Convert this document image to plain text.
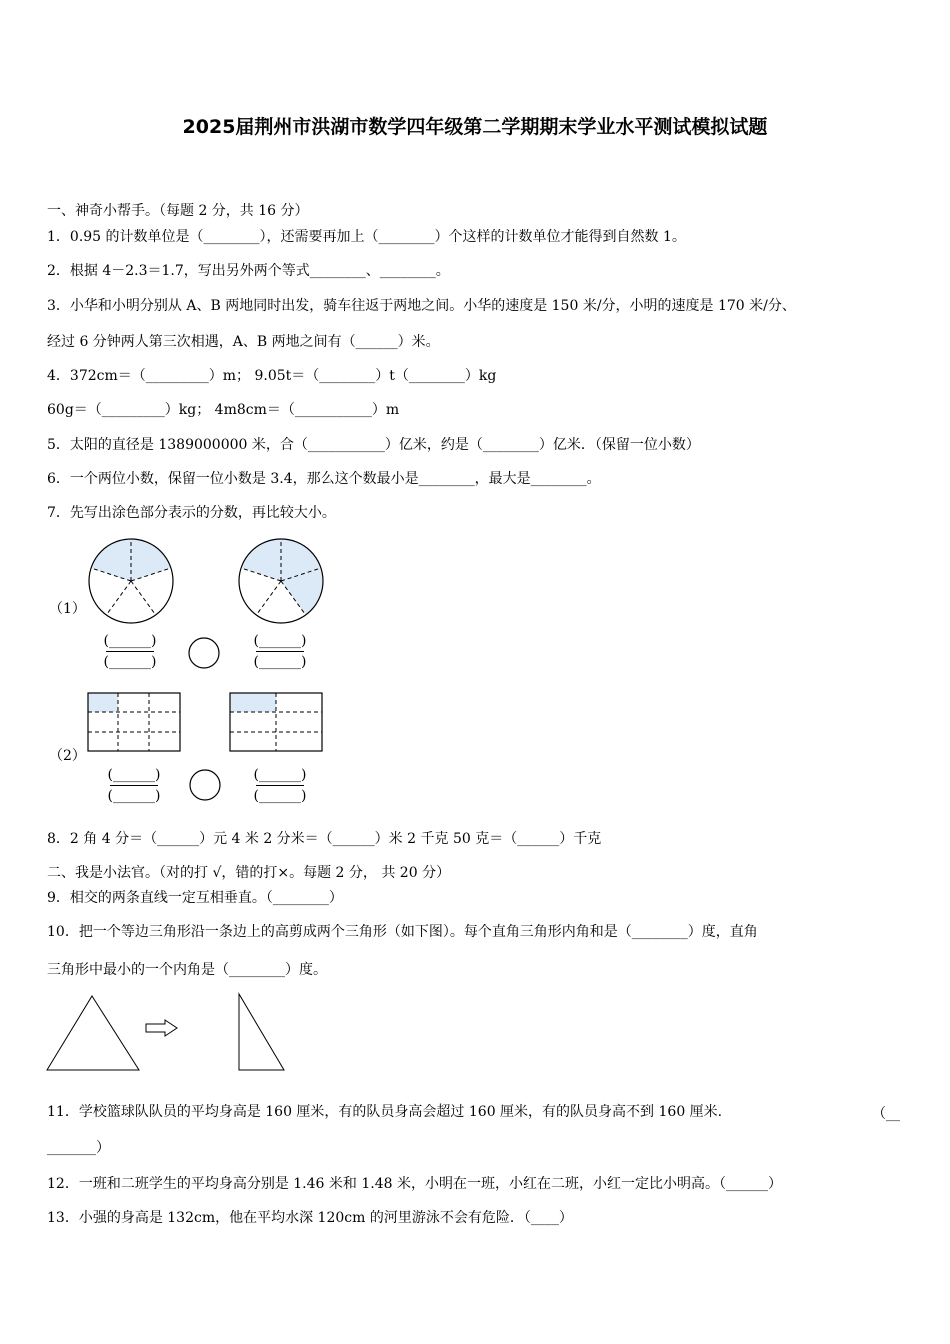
2025届荆州市洪湖市数学四年级第二学期期末学业水平测试模拟试题
一、神奇小帮手。（每题 2 分，共 16 分）
1．0.95 的计数单位是（________），还需要再加上（________）个这样的计数单位才能得到自然数 1。
2．根据 4－2.3＝1.7，写出另外两个等式________、________。
3．小华和小明分别从 A、B 两地同时出发，骑车往返于两地之间。小华的速度是 150 米/分，小明的速度是 170 米/分、
经过 6 分钟两人第三次相遇，A、B 两地之间有（______）米。
4．372cm＝（_________）m； 9.05t＝（________）t（________）kg
60g＝（_________）kg； 4m8cm＝（___________）m
5．太阳的直径是 1389000000 米，合（___________）亿米，约是（________）亿米．（保留一位小数）
6．一个两位小数，保留一位小数是 3.4，那么这个数最小是________，最大是________。
7．先写出涂色部分表示的分数，再比较大小。
（1）
(______)
(______)
(______)
(______)
（2）
(______)
(______)
(______)
(______)
8．2 角 4 分＝（______）元 4 米 2 分米＝（______）米 2 千克 50 克＝（______）千克
二、我是小法官。（对的打 √，错的打×。每题 2 分， 共 20 分）
9．相交的两条直线一定互相垂直。（________）
10．把一个等边三角形沿一条边上的高剪成两个三角形（如下图）。每个直角三角形内角和是（________）度，直角
三角形中最小的一个内角是（________）度。
11．学校篮球队队员的平均身高是 160 厘米，有的队员身高会超过 160 厘米，有的队员身高不到 160 厘米.	（__
_______）
12．一班和二班学生的平均身高分别是 1.46 米和 1.48 米，小明在一班，小红在二班，小红一定比小明高。（______）
13．小强的身高是 132cm，他在平均水深 120cm 的河里游泳不会有危险．（____）
